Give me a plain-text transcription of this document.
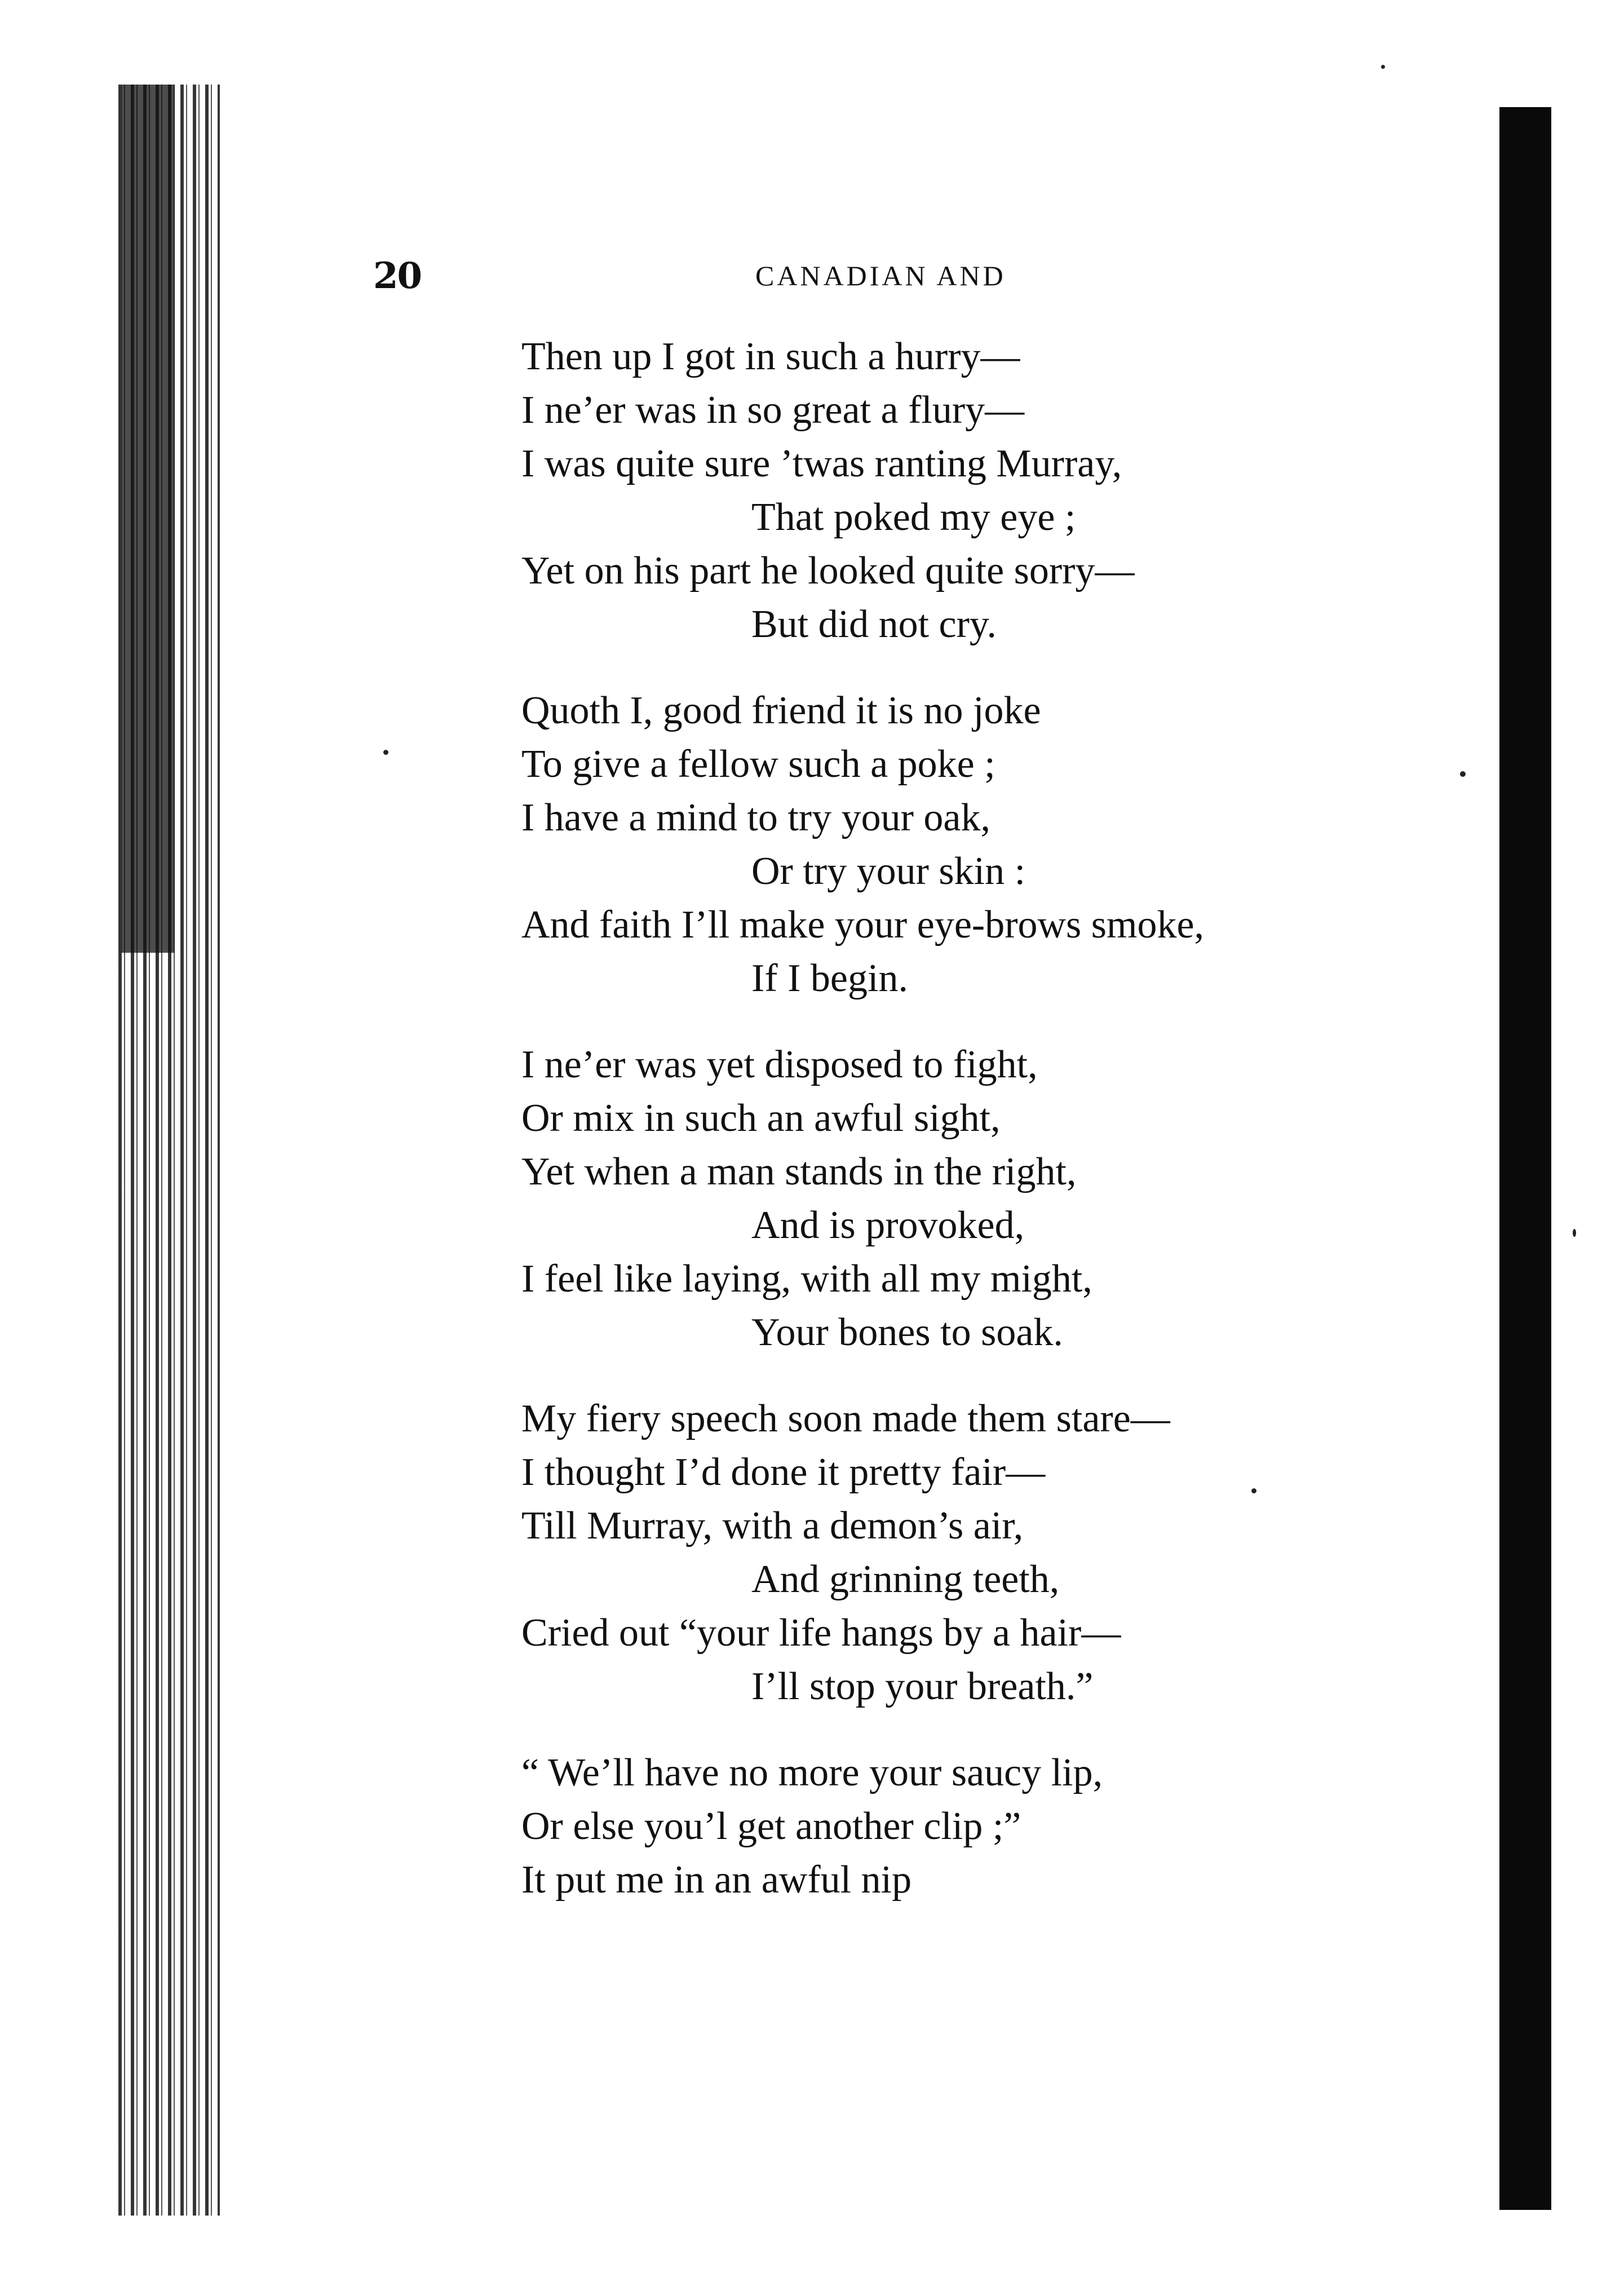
20	CANADIAN AND
Then up I got in such a hurry—
I ne’er was in so great a flury—
I was quite sure ’twas ranting Murray,
That poked my eye ;
Yet on his part he looked quite sorry—
But did not cry.
Quoth I, good friend it is no joke
To give a fellow such a poke ;
I have a mind to try your oak,
Or try your skin :
And faith I’ll make your eye-brows smoke,
If I begin.
I ne’er was yet disposed to fight,
Or mix in such an awful sight,
Yet when a man stands in the right,
And is provoked,
I feel like laying, with all my might,
Your bones to soak.
My fiery speech soon made them stare—
I thought I’d done it pretty fair—
Till Murray, with a demon’s air,
And grinning teeth,
Cried out “your life hangs by a hair—
I’ll stop your breath.”
“ We’ll have no more your saucy lip,
Or else you’l get another clip ;”
It put me in an awful nip
